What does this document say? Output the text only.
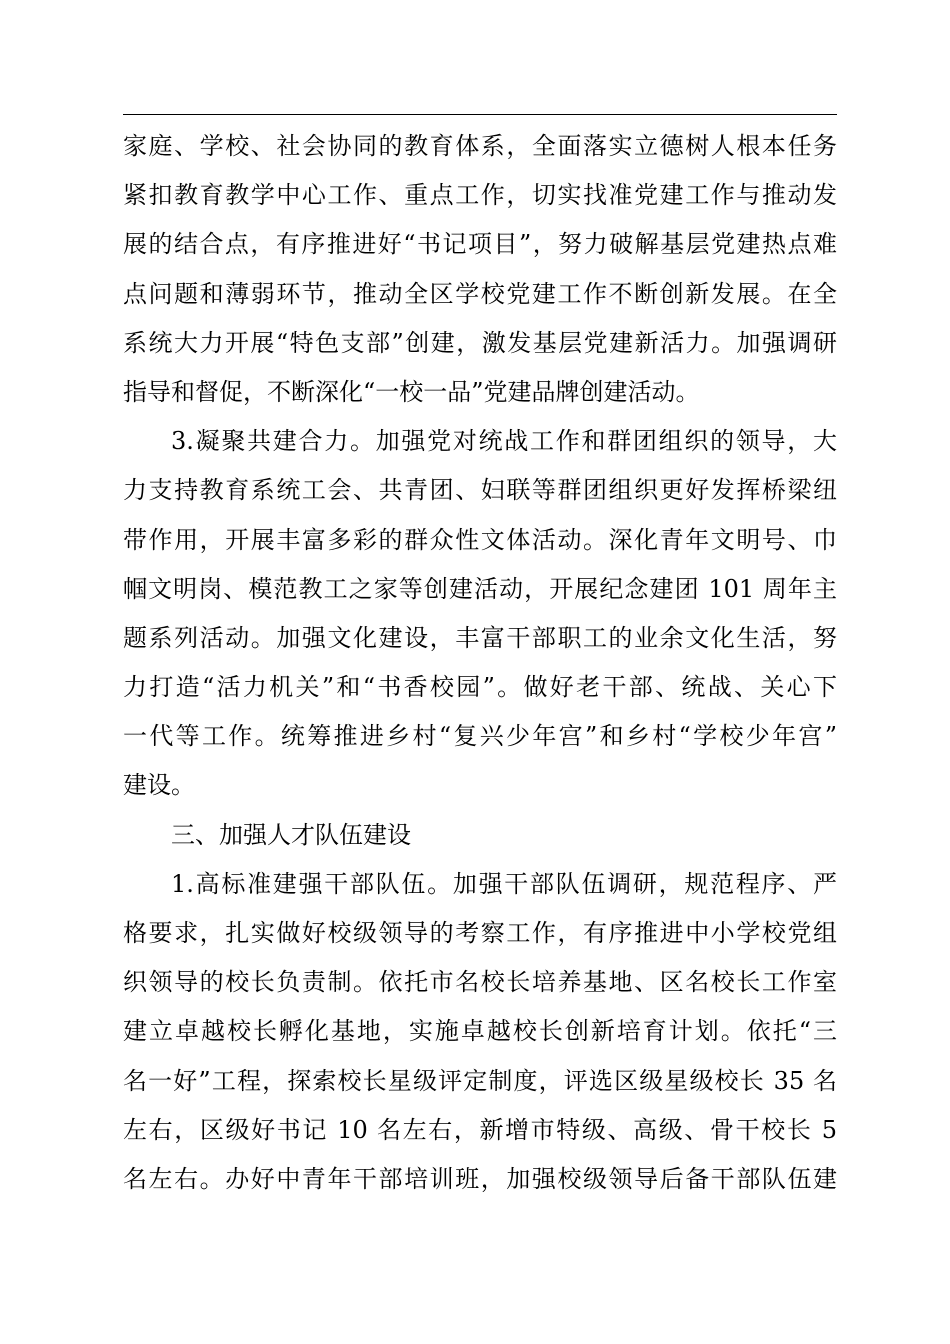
家庭、学校、社会协同的教育体系，全面落实立德树人根本任务
紧扣教育教学中心工作、重点工作，切实找准党建工作与推动发
展的结合点，有序推进好“书记项目”，努力破解基层党建热点难
点问题和薄弱环节，推动全区学校党建工作不断创新发展。在全
系统大力开展“特色支部”创建，激发基层党建新活力。加强调研
指导和督促，不断深化“一校一品”党建品牌创建活动。
3.凝聚共建合力。加强党对统战工作和群团组织的领导，大
力支持教育系统工会、共青团、妇联等群团组织更好发挥桥梁纽
带作用，开展丰富多彩的群众性文体活动。深化青年文明号、巾
帼文明岗、模范教工之家等创建活动，开展纪念建团 101 周年主
题系列活动。加强文化建设，丰富干部职工的业余文化生活，努
力打造“活力机关”和“书香校园”。做好老干部、统战、关心下
一代等工作。统筹推进乡村“复兴少年宫”和乡村“学校少年宫”
建设。
三、加强人才队伍建设
1.高标准建强干部队伍。加强干部队伍调研，规范程序、严
格要求，扎实做好校级领导的考察工作，有序推进中小学校党组
织领导的校长负责制。依托市名校长培养基地、区名校长工作室
建立卓越校长孵化基地，实施卓越校长创新培育计划。依托“三
名一好”工程，探索校长星级评定制度，评选区级星级校长 35 名
左右，区级好书记 10 名左右，新增市特级、高级、骨干校长 5
名左右。办好中青年干部培训班，加强校级领导后备干部队伍建
